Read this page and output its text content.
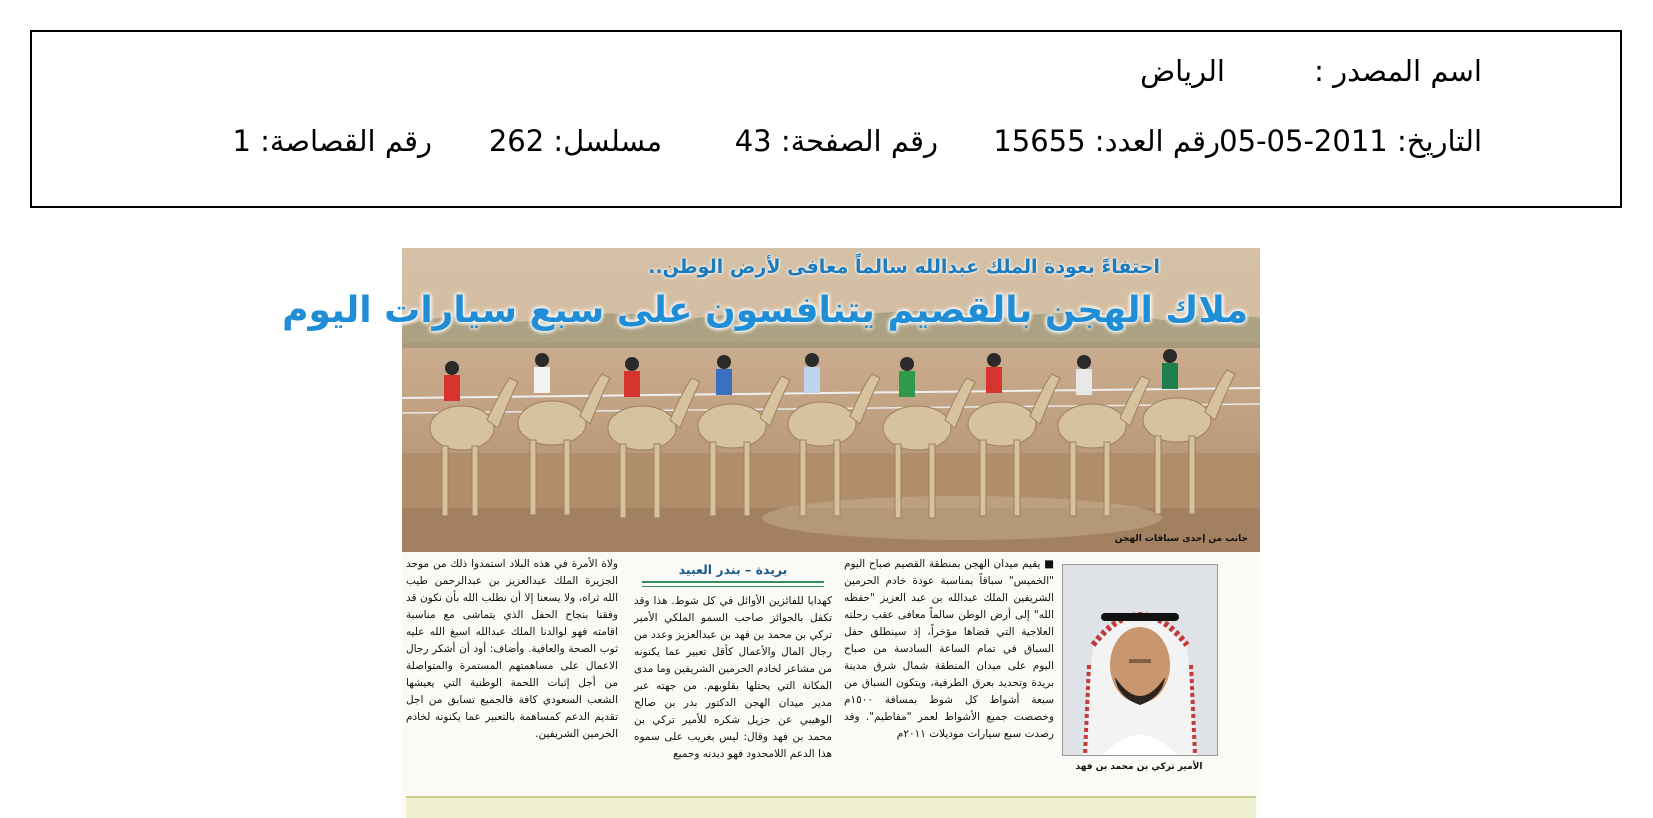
اسم المصدر :
الرياض
التاريخ: 2011-05-05
رقم العدد: 15655
رقم الصفحة: 43
مسلسل: 262
رقم القصاصة: 1
احتفاءً بعودة الملك عبدالله سالماً معافى لأرض الوطن..
ملاك الهجن بالقصيم يتنافسون على سبع سيارات اليوم
جانب من إحدى سباقات الهجن
الأمير تركي بن محمد بن فهد
■ يقيم ميدان الهجن بمنطقة القصيم صباح اليوم "الخميس" سباقاً بمناسبة عودة خادم الحرمين الشريفين الملك عبدالله بن عبد العزيز "حفظه الله" إلى أرض الوطن سالماً معافى عقب رحلته العلاجية التي قضاها مؤخراً، إذ سينطلق حفل السباق في تمام الساعة السادسة من صباح اليوم على ميدان المنطقة شمال شرق مدينة بريدة وتحديد بعرق الطرفية، ويتكون السباق من سبعة أشواط كل شوط بمسافة ١٥٠٠م وخصصت جميع الأشواط لعمر "مفاطيم". وقد رصدت سبع سيارات موديلات ٢٠١١م
بريدة – بندر العبيد
كهدايا للفائزين الأوائل في كل شوط. هذا وقد تكفل بالجوائز صاحب السمو الملكي الأمير تركي بن محمد بن فهد بن عبدالعزيز وعدد من رجال المال والأعمال كأقل تعبير عما يكنونه من مشاعر لخادم الحرمين الشريفين وما مدى المكانة التي يحتلها بقلوبهم. من جهته عبر مدير ميدان الهجن الدكتور بدر بن صالح الوهيبي عن جزيل شكره للأمير تركي بن محمد بن فهد وقال: ليس بغريب على سموه هذا الدعم اللامحدود فهو ديدنه وجميع
ولاة الأمرة في هذه البلاد استمدوا ذلك من موحد الجزيرة الملك عبدالعزيز بن عبدالرحمن طيب الله ثراه، ولا يسعنا إلا أن نطلب الله بأن نكون قد وفقنا بنجاح الحفل الذي يتماشى مع مناسبة اقامته فهو لوالدنا الملك عبدالله اسبغ الله عليه ثوب الصحة والعافية. وأضاف: أود أن أشكر رجال الاعمال على مساهمتهم المستمرة والمتواصلة من أجل إثبات اللحمة الوطنية التي يعيشها الشعب السعودي كافة فالجميع تسابق من اجل تقديم الدعم كمساهمة بالتعبير عما يكنونه لخادم الحرمين الشريفين.
